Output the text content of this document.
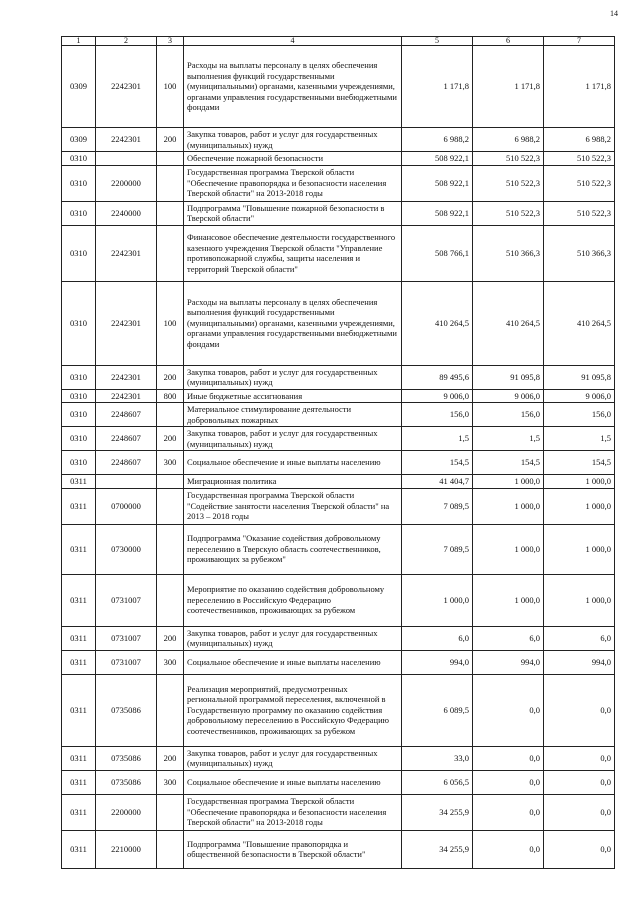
14
1	2	3	4	5	6	7
0309	2242301	100	Расходы на выплаты персоналу в целях обеспечения выполнения функций государственными (муниципальными) органами, казенными учреждениями, органами управления государственными внебюджетными фондами	1 171,8	1 171,8	1 171,8
0309	2242301	200	Закупка товаров, работ и услуг для государственных (муниципальных) нужд	6 988,2	6 988,2	6 988,2
0310			Обеспечение пожарной безопасности	508 922,1	510 522,3	510 522,3
0310	2200000		Государственная программа Тверской области "Обеспечение правопорядка и безопасности населения Тверской области" на 2013-2018 годы	508 922,1	510 522,3	510 522,3
0310	2240000		Подпрограмма "Повышение пожарной безопасности в Тверской области"	508 922,1	510 522,3	510 522,3
0310	2242301		Финансовое обеспечение деятельности государственного казенного учреждения Тверской области "Управление противопожарной службы, защиты населения и территорий Тверской области"	508 766,1	510 366,3	510 366,3
0310	2242301	100	Расходы на выплаты персоналу в целях обеспечения выполнения функций государственными (муниципальными) органами, казенными учреждениями, органами управления государственными внебюджетными фондами	410 264,5	410 264,5	410 264,5
0310	2242301	200	Закупка товаров, работ и услуг для государственных (муниципальных) нужд	89 495,6	91 095,8	91 095,8
0310	2242301	800	Иные бюджетные ассигнования	9 006,0	9 006,0	9 006,0
0310	2248607		Материальное стимулирование деятельности добровольных пожарных	156,0	156,0	156,0
0310	2248607	200	Закупка товаров, работ и услуг для государственных (муниципальных) нужд	1,5	1,5	1,5
0310	2248607	300	Социальное обеспечение и иные выплаты населению	154,5	154,5	154,5
0311			Миграционная политика	41 404,7	1 000,0	1 000,0
0311	0700000		Государственная программа Тверской области "Содействие занятости населения Тверской области" на 2013 – 2018 годы	7 089,5	1 000,0	1 000,0
0311	0730000		Подпрограмма "Оказание содействия добровольному переселению в Тверскую область соотечественников, проживающих за рубежом"	7 089,5	1 000,0	1 000,0
0311	0731007		Мероприятие по оказанию содействия добровольному переселению в Российскую Федерацию соотечественников, проживающих за рубежом	1 000,0	1 000,0	1 000,0
0311	0731007	200	Закупка товаров, работ и услуг для государственных (муниципальных) нужд	6,0	6,0	6,0
0311	0731007	300	Социальное обеспечение и иные выплаты населению	994,0	994,0	994,0
0311	0735086		Реализация мероприятий, предусмотренных региональной программой переселения, включенной в Государственную программу по оказанию содействия добровольному переселению в Российскую Федерацию соотечественников, проживающих за рубежом	6 089,5	0,0	0,0
0311	0735086	200	Закупка товаров, работ и услуг для государственных (муниципальных) нужд	33,0	0,0	0,0
0311	0735086	300	Социальное обеспечение и иные выплаты населению	6 056,5	0,0	0,0
0311	2200000		Государственная программа Тверской области "Обеспечение правопорядка и безопасности населения Тверской области" на 2013-2018 годы	34 255,9	0,0	0,0
0311	2210000		Подпрограмма "Повышение правопорядка и общественной безопасности в Тверской области"	34 255,9	0,0	0,0
